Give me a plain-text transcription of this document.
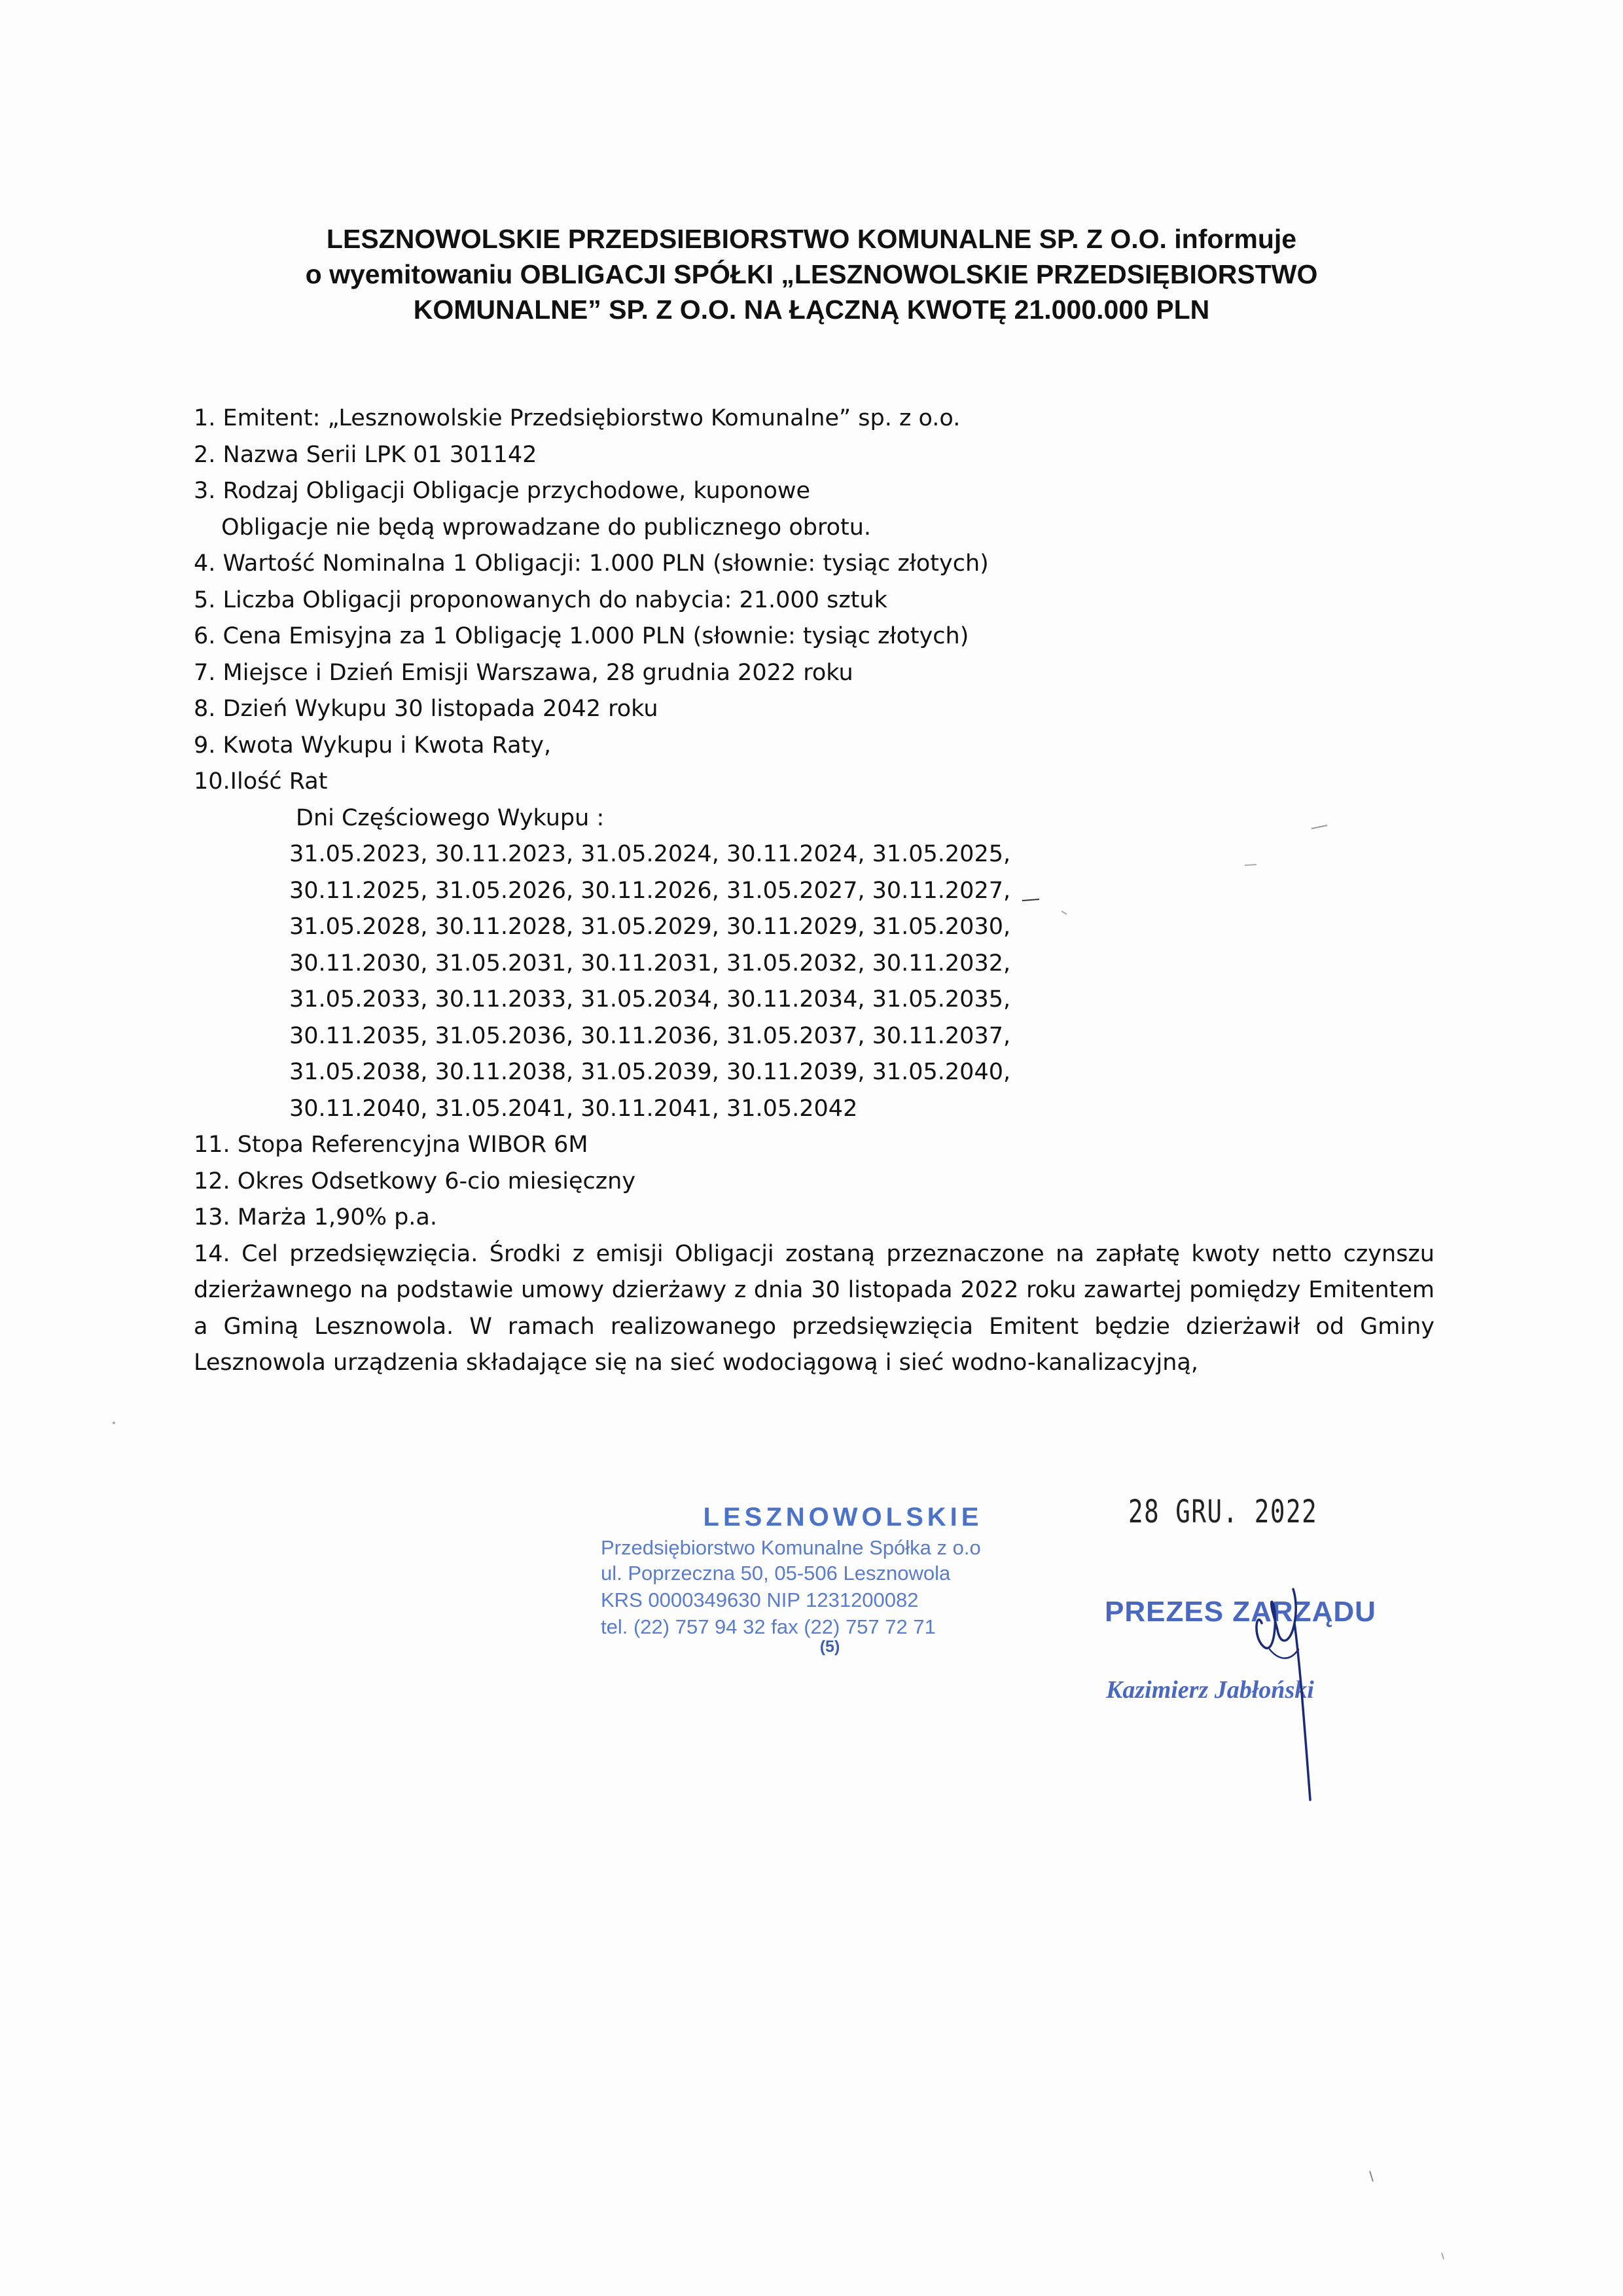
LESZNOWOLSKIE PRZEDSIEBIORSTWO KOMUNALNE SP. Z O.O. informuje
o wyemitowaniu OBLIGACJI SPÓŁKI „LESZNOWOLSKIE PRZEDSIĘBIORSTWO
KOMUNALNE” SP. Z O.O. NA ŁĄCZNĄ KWOTĘ 21.000.000 PLN
1. Emitent: „Lesznowolskie Przedsiębiorstwo Komunalne” sp. z o.o.
2. Nazwa Serii LPK 01 301142
3. Rodzaj Obligacji Obligacje przychodowe, kuponowe
Obligacje nie będą wprowadzane do publicznego obrotu.
4. Wartość Nominalna 1 Obligacji: 1.000 PLN (słownie: tysiąc złotych)
5. Liczba Obligacji proponowanych do nabycia: 21.000 sztuk
6. Cena Emisyjna za 1 Obligację 1.000 PLN (słownie: tysiąc złotych)
7. Miejsce i Dzień Emisji Warszawa, 28 grudnia 2022 roku
8. Dzień Wykupu 30 listopada 2042 roku
9. Kwota Wykupu i Kwota Raty,
10.Ilość Rat
Dni Częściowego Wykupu :
31.05.2023, 30.11.2023, 31.05.2024, 30.11.2024, 31.05.2025,
30.11.2025, 31.05.2026, 30.11.2026, 31.05.2027, 30.11.2027,
31.05.2028, 30.11.2028, 31.05.2029, 30.11.2029, 31.05.2030,
30.11.2030, 31.05.2031, 30.11.2031, 31.05.2032, 30.11.2032,
31.05.2033, 30.11.2033, 31.05.2034, 30.11.2034, 31.05.2035,
30.11.2035, 31.05.2036, 30.11.2036, 31.05.2037, 30.11.2037,
31.05.2038, 30.11.2038, 31.05.2039, 30.11.2039, 31.05.2040,
30.11.2040, 31.05.2041, 30.11.2041, 31.05.2042
11. Stopa Referencyjna WIBOR 6M
12. Okres Odsetkowy 6-cio miesięczny
13. Marża 1,90% p.a.
14. Cel przedsięwzięcia. Środki z emisji Obligacji zostaną przeznaczone na zapłatę kwoty netto czynszu dzierżawnego na podstawie umowy dzierżawy z dnia 30 listopada 2022 roku zawartej pomiędzy Emitentem a Gminą Lesznowola. W ramach realizowanego przedsięwzięcia Emitent będzie dzierżawił od Gminy Lesznowola urządzenia składające się na sieć wodociągową i sieć wodno-kanalizacyjną,
LESZNOWOLSKIE
Przedsiębiorstwo Komunalne Spółka z o.o
ul. Poprzeczna 50, 05-506 Lesznowola
KRS 0000349630 NIP 1231200082
tel. (22) 757 94 32 fax (22) 757 72 71
(5)
28 GRU. 2022
PREZES ZARZĄDU
Kazimierz Jabłoński
